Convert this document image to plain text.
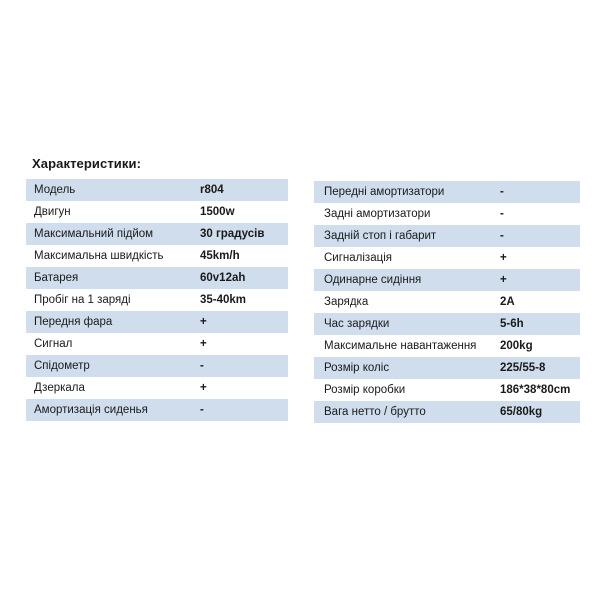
Характеристики:
Модель	r804
Двигун	1500w
Максимальний підйом	30 градусів
Максимальна швидкість	45km/h
Батарея	60v12ah
Пробіг на 1 заряді	35-40km
Передня фара	+
Сигнал	+
Спідометр	-
Дзеркала	+
Амортизація сиденья	-
Передні амортизатори	-
Задні амортизатори	-
Задній стоп і габарит	-
Сигналізація	+
Одинарне сидіння	+
Зарядка	2A
Час зарядки	5-6h
Максимальне навантаження 200kg
Розмір коліс	225/55-8
Розмір коробки	186*38*80cm
Вага нетто / брутто	65/80kg
